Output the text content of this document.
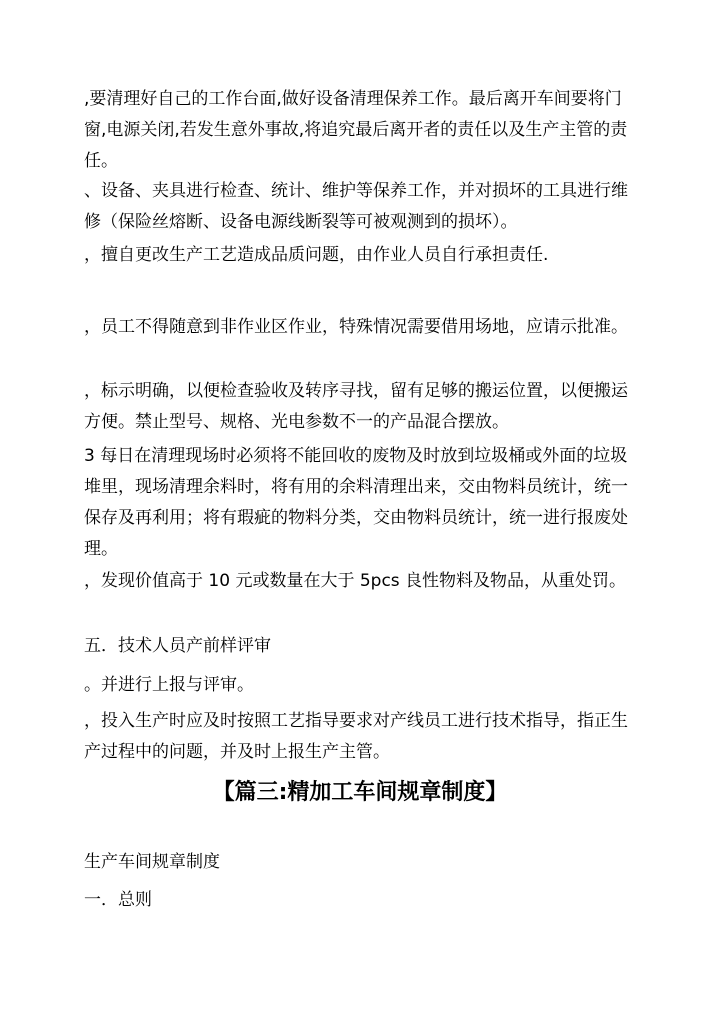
,要清理好自己的工作台面,做好设备清理保养工作。最后离开车间要将门窗,电源关闭,若发生意外事故,将追究最后离开者的责任以及生产主管的责任。

、设备、夹具进行检查、统计、维护等保养工作，并对损坏的工具进行维修（保险丝熔断、设备电源线断裂等可被观测到的损坏）。

，擅自更改生产工艺造成品质问题，由作业人员自行承担责任.

，员工不得随意到非作业区作业，特殊情况需要借用场地，应请示批准。

，标示明确，以便检查验收及转序寻找，留有足够的搬运位置，以便搬运方便。禁止型号、规格、光电参数不一的产品混合摆放。

3 每日在清理现场时必须将不能回收的废物及时放到垃圾桶或外面的垃圾堆里，现场清理余料时，将有用的余料清理出来，交由物料员统计，统一保存及再利用；将有瑕疵的物料分类，交由物料员统计，统一进行报废处理。

，发现价值高于 10 元或数量在大于 5pcs 良性物料及物品，从重处罚。

五．技术人员产前样评审

。并进行上报与评审。

，投入生产时应及时按照工艺指导要求对产线员工进行技术指导，指正生产过程中的问题，并及时上报生产主管。

【篇三:精加工车间规章制度】

生产车间规章制度

一．总则
